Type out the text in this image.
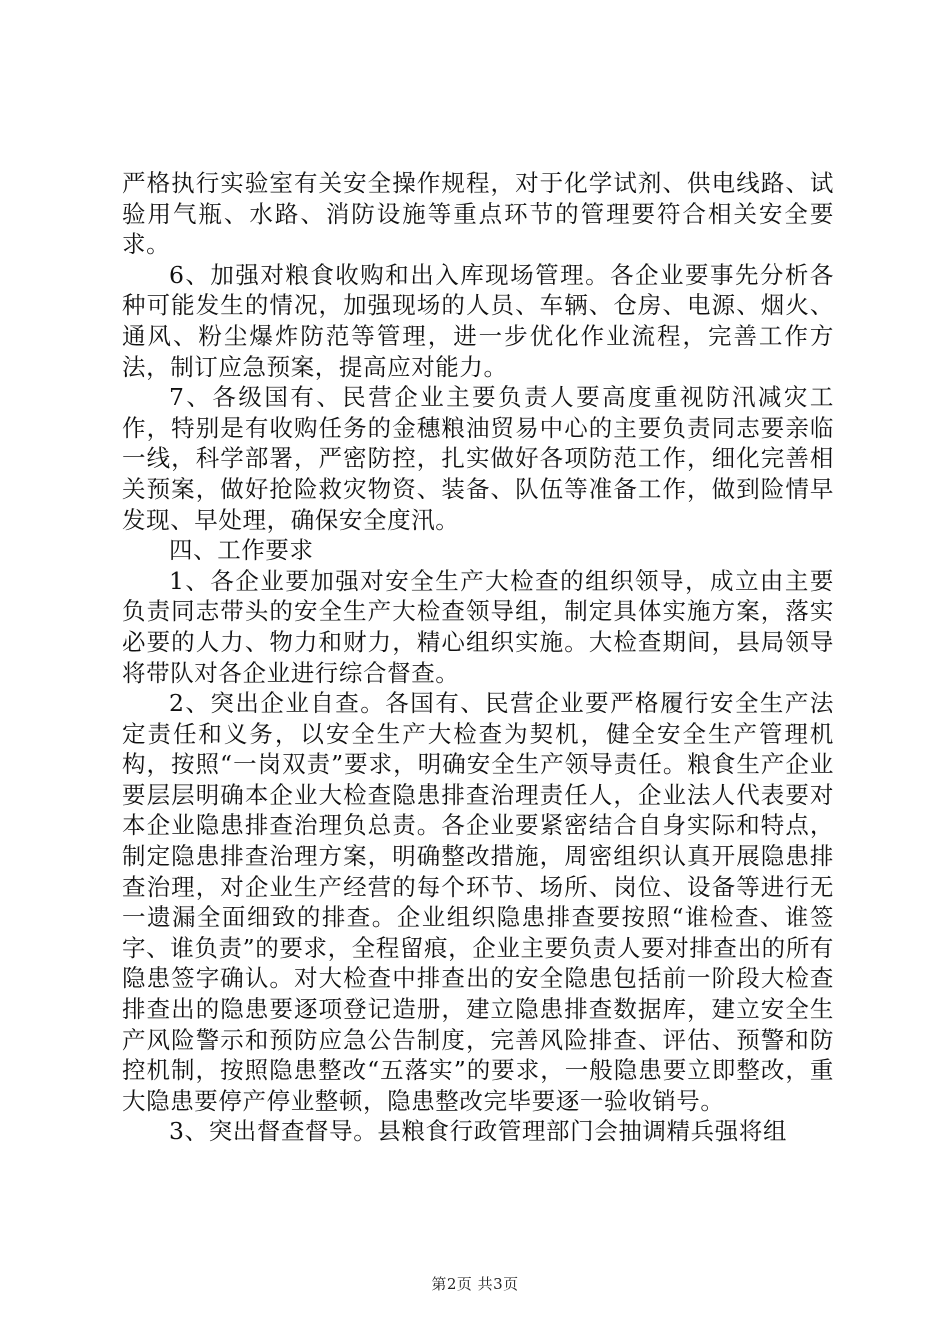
严格执行实验室有关安全操作规程，对于化学试剂、供电线路、试验用气瓶、水路、消防设施等重点环节的管理要符合相关安全要求。

6、加强对粮食收购和出入库现场管理。各企业要事先分析各种可能发生的情况，加强现场的人员、车辆、仓房、电源、烟火、通风、粉尘爆炸防范等管理，进一步优化作业流程，完善工作方法，制订应急预案，提高应对能力。

7、各级国有、民营企业主要负责人要高度重视防汛减灾工作，特别是有收购任务的金穗粮油贸易中心的主要负责同志要亲临一线，科学部署，严密防控，扎实做好各项防范工作，细化完善相关预案，做好抢险救灾物资、装备、队伍等准备工作，做到险情早发现、早处理，确保安全度汛。

四、工作要求

1、各企业要加强对安全生产大检查的组织领导，成立由主要负责同志带头的安全生产大检查领导组，制定具体实施方案，落实必要的人力、物力和财力，精心组织实施。大检查期间，县局领导将带队对各企业进行综合督查。

2、突出企业自查。各国有、民营企业要严格履行安全生产法定责任和义务，以安全生产大检查为契机，健全安全生产管理机构，按照“一岗双责”要求，明确安全生产领导责任。粮食生产企业要层层明确本企业大检查隐患排查治理责任人，企业法人代表要对本企业隐患排查治理负总责。各企业要紧密结合自身实际和特点，制定隐患排查治理方案，明确整改措施，周密组织认真开展隐患排查治理，对企业生产经营的每个环节、场所、岗位、设备等进行无一遗漏全面细致的排查。企业组织隐患排查要按照“谁检查、谁签字、谁负责”的要求，全程留痕，企业主要负责人要对排查出的所有隐患签字确认。对大检查中排查出的安全隐患包括前一阶段大检查排查出的隐患要逐项登记造册，建立隐患排查数据库，建立安全生产风险警示和预防应急公告制度，完善风险排查、评估、预警和防控机制，按照隐患整改“五落实”的要求，一般隐患要立即整改，重大隐患要停产停业整顿，隐患整改完毕要逐一验收销号。

3、突出督查督导。县粮食行政管理部门会抽调精兵强将组

第2页 共3页
